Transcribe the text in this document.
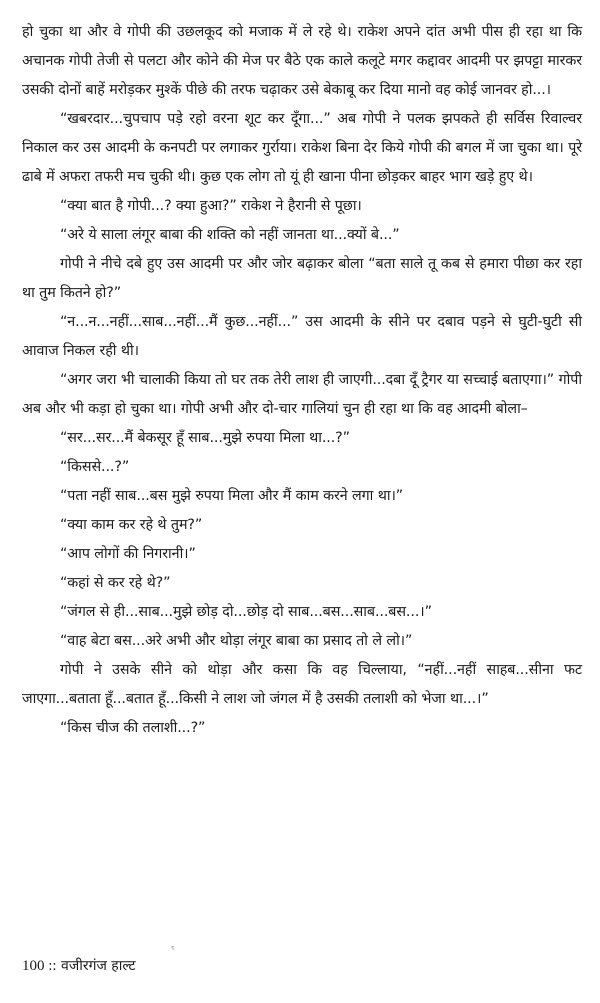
हो चुका था और वे गोपी की उछलकूद को मजाक में ले रहे थे। राकेश अपने दांत अभी पीस ही रहा था कि अचानक गोपी तेजी से पलटा और कोने की मेज पर बैठे एक काले कलूटे मगर कद्दावर आदमी पर झपट्टा मारकर उसकी दोनों बाहें मरोड़कर मुश्कें पीछे की तरफ चढ़ाकर उसे बेकाबू कर दिया मानो वह कोई जानवर हो...।

“खबरदार...चुपचाप पड़े रहो वरना शूट कर दूँगा...” अब गोपी ने पलक झपकते ही सर्विस रिवाल्वर निकाल कर उस आदमी के कनपटी पर लगाकर गुर्राया। राकेश बिना देर किये गोपी की बगल में जा चुका था। पूरे ढाबे में अफरा तफरी मच चुकी थी। कुछ एक लोग तो यूं ही खाना पीना छोड़कर बाहर भाग खड़े हुए थे।

“क्या बात है गोपी...? क्या हुआ?” राकेश ने हैरानी से पूछा।

“अरे ये साला लंगूर बाबा की शक्ति को नहीं जानता था...क्यों बे...”

गोपी ने नीचे दबे हुए उस आदमी पर और जोर बढ़ाकर बोला “बता साले तू कब से हमारा पीछा कर रहा था तुम कितने हो?”

“न...न...नहीं...साब...नहीं...मैं कुछ...नहीं...” उस आदमी के सीने पर दबाव पड़ने से घुटी-घुटी सी आवाज निकल रही थी।

“अगर जरा भी चालाकी किया तो घर तक तेरी लाश ही जाएगी...दबा दूँ ट्रैगर या सच्चाई बताएगा।” गोपी अब और भी कड़ा हो चुका था। गोपी अभी और दो-चार गालियां चुन ही रहा था कि वह आदमी बोला–

“सर...सर...मैं बेकसूर हूँ साब...मुझे रुपया मिला था...?”

“किससे...?”

“पता नहीं साब...बस मुझे रुपया मिला और मैं काम करने लगा था।”

“क्या काम कर रहे थे तुम?”

“आप लोगों की निगरानी।”

“कहां से कर रहे थे?”

“जंगल से ही...साब...मुझे छोड़ दो...छोड़ दो साब...बस...साब...बस...।”

“वाह बेटा बस...अरे अभी और थोड़ा लंगूर बाबा का प्रसाद तो ले लो।”

गोपी ने उसके सीने को थोड़ा और कसा कि वह चिल्लाया, “नहीं...नहीं साहब...सीना फट जाएगा...बताता हूँ...बतात हूँ...किसी ने लाश जो जंगल में है उसकी तलाशी को भेजा था...।”

“किस चीज की तलाशी...?”

ˁ
100 :: वजीरगंज हाल्ट
